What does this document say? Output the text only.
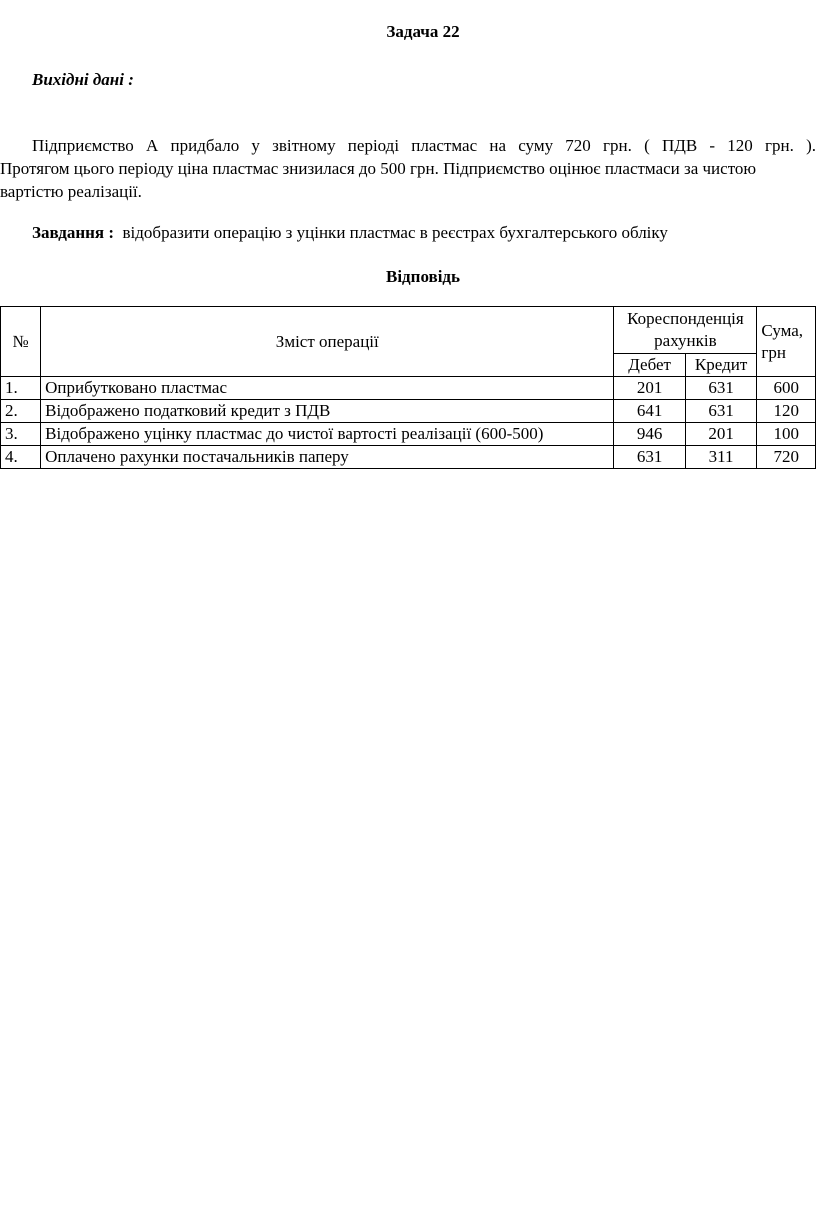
Задача 22
Вихідні дані :
Підприємство А придбало у звітному періоді пластмас на суму 720 грн. ( ПДВ - 120 грн. ).
Протягом цього періоду ціна пластмас знизилася до 500 грн. Підприємство оцінює пластмаси за чистою
вартістю реалізації.
Завдання :  відобразити операцію з уцінки пластмас в реєстрах бухгалтерського обліку
Відповідь
№	Зміст операції	Кореспонденція рахунків		Сума, грн
		Дебет	Кредит	
1.	Оприбутковано пластмас	201	631	600
2.	Відображено податковий кредит з ПДВ	641	631	120
3.	Відображено уцінку пластмас до чистої вартості реалізації (600-500)	946	201	100
4.	Оплачено рахунки постачальників паперу	631	311	720
